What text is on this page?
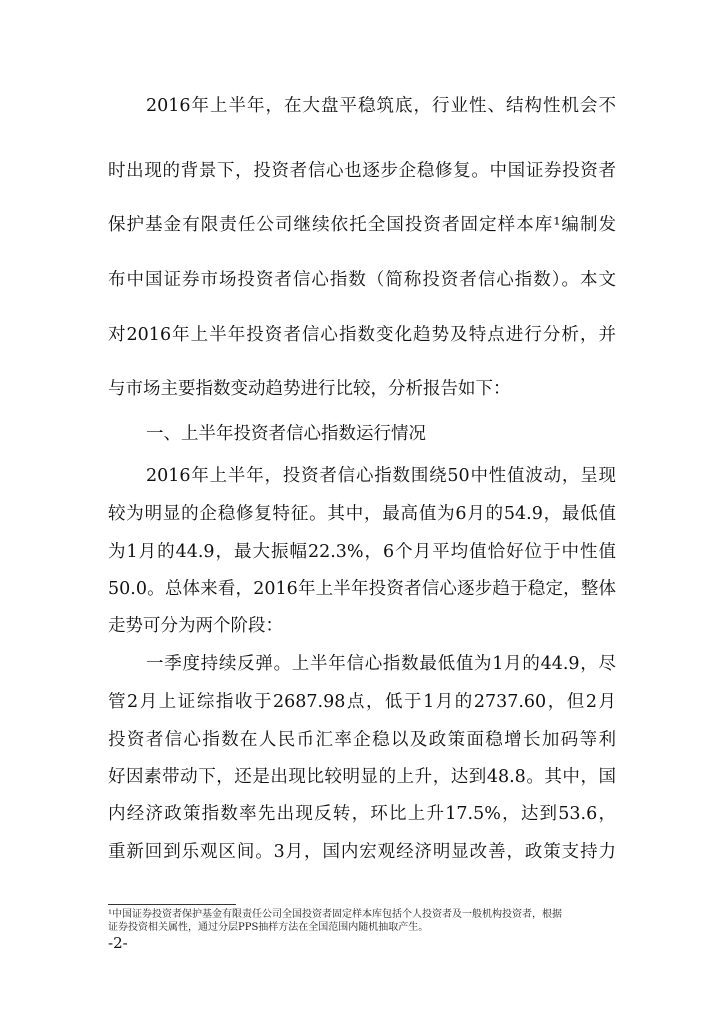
2016年上半年，在大盘平稳筑底，行业性、结构性机会不
时出现的背景下，投资者信心也逐步企稳修复。中国证券投资者
保护基金有限责任公司继续依托全国投资者固定样本库¹编制发
布中国证券市场投资者信心指数（简称投资者信心指数）。本文
对2016年上半年投资者信心指数变化趋势及特点进行分析，并
与市场主要指数变动趋势进行比较，分析报告如下：
一、上半年投资者信心指数运行情况
2016年上半年，投资者信心指数围绕50中性值波动，呈现
较为明显的企稳修复特征。其中，最高值为6月的54.9，最低值
为1月的44.9，最大振幅22.3%，6个月平均值恰好位于中性值
50.0。总体来看，2016年上半年投资者信心逐步趋于稳定，整体
走势可分为两个阶段：
一季度持续反弹。上半年信心指数最低值为1月的44.9，尽
管2月上证综指收于2687.98点，低于1月的2737.60，但2月
投资者信心指数在人民币汇率企稳以及政策面稳增长加码等利
好因素带动下，还是出现比较明显的上升，达到48.8。其中，国
内经济政策指数率先出现反转，环比上升17.5%，达到53.6，
重新回到乐观区间。3月，国内宏观经济明显改善，政策支持力
¹中国证券投资者保护基金有限责任公司全国投资者固定样本库包括个人投资者及一般机构投资者，根据
证券投资相关属性，通过分层PPS抽样方法在全国范围内随机抽取产生。
-2-
